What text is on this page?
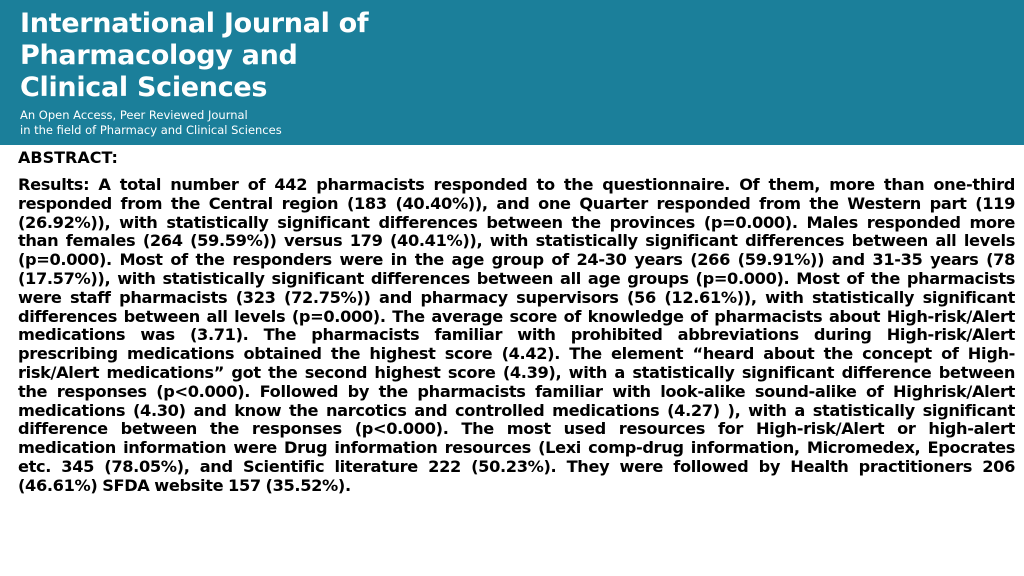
International Journal of
Pharmacology and
Clinical Sciences

An Open Access, Peer Reviewed Journal
in the field of Pharmacy and Clinical Sciences

ABSTRACT:

Results: A total number of 442 pharmacists responded to the questionnaire. Of them, more than one-third responded from the Central region (183 (40.40%)), and one Quarter responded from the Western part (119 (26.92%)), with statistically significant differences between the provinces (p=0.000). Males responded more than females (264 (59.59%)) versus 179 (40.41%)), with statistically significant differences between all levels (p=0.000). Most of the responders were in the age group of 24-30 years (266 (59.91%)) and 31-35 years (78 (17.57%)), with statistically significant differences between all age groups (p=0.000). Most of the pharmacists were staff pharmacists (323 (72.75%)) and pharmacy supervisors (56 (12.61%)), with statistically significant differences between all levels (p=0.000). The average score of knowledge of pharmacists about High-risk/Alert medications was (3.71). The pharmacists familiar with prohibited abbreviations during High-risk/Alert prescribing medications obtained the highest score (4.42). The element “heard about the concept of High-risk/Alert medications” got the second highest score (4.39), with a statistically significant difference between the responses (p<0.000). Followed by the pharmacists familiar with look-alike sound-alike of Highrisk/Alert medications (4.30) and know the narcotics and controlled medications (4.27) ), with a statistically significant difference between the responses (p<0.000). The most used resources for High-risk/Alert or high-alert medication information were Drug information resources (Lexi comp-drug information, Micromedex, Epocrates etc. 345 (78.05%), and Scientific literature 222 (50.23%). They were followed by Health practitioners 206 (46.61%) SFDA website 157 (35.52%).
